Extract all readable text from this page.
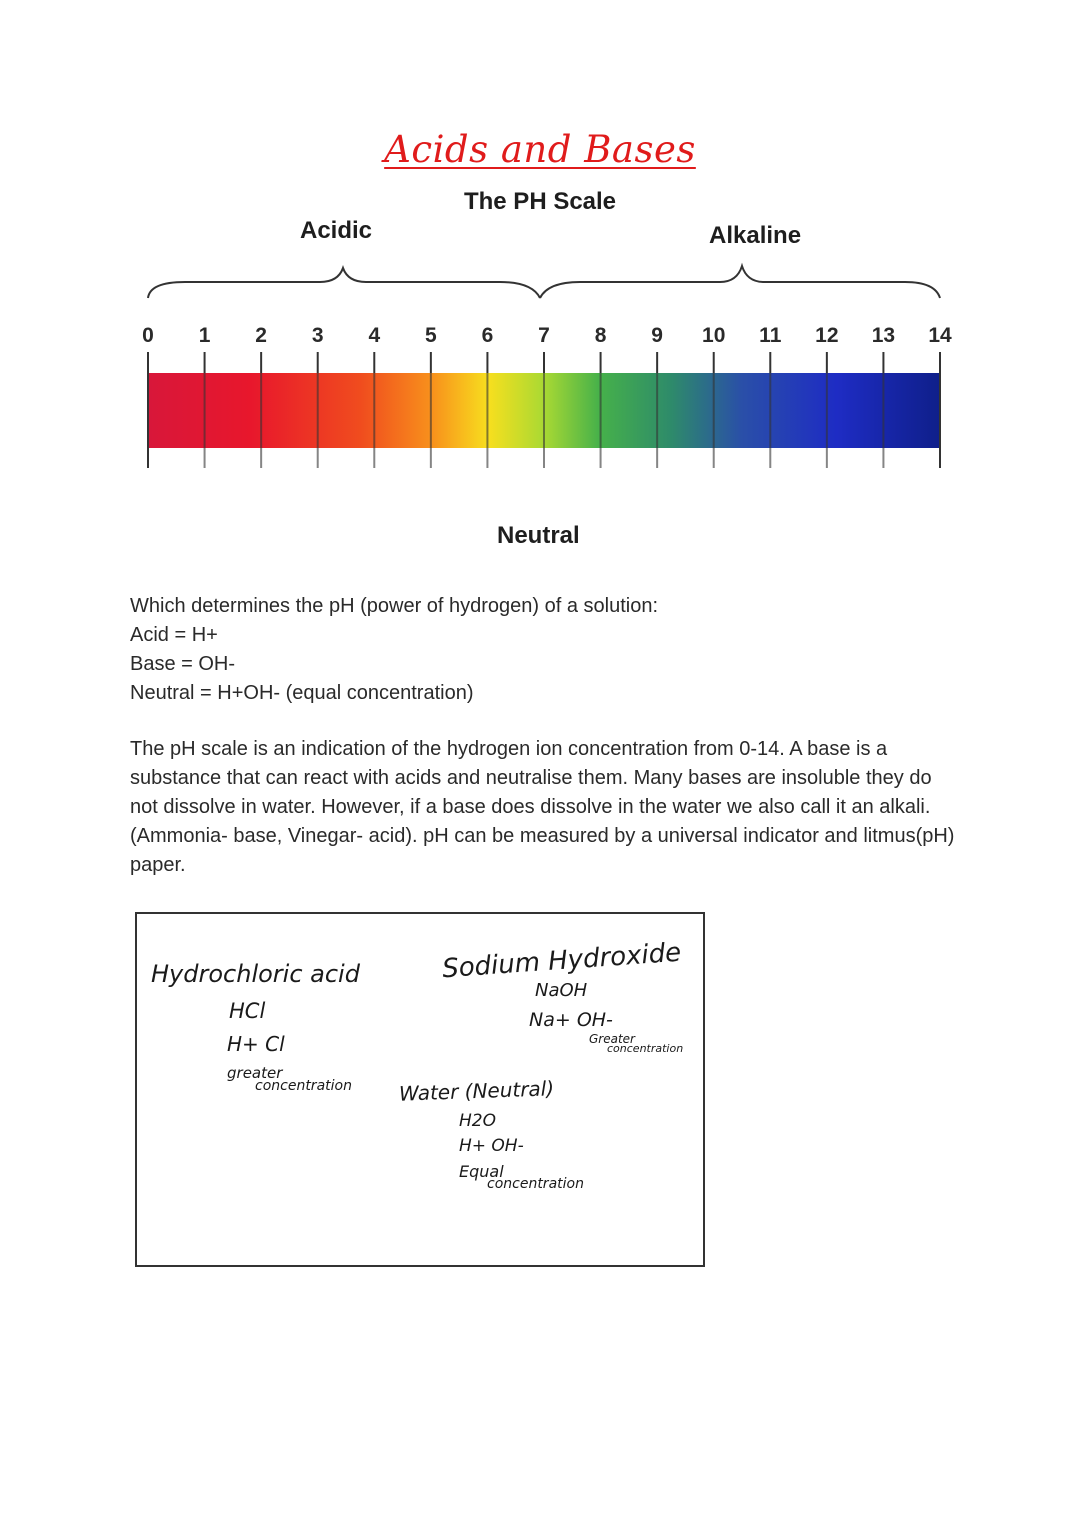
Acids and Bases
The PH Scale
Acidic	Alkaline
0 1 2 3 4 5 6 7 8 9 10 11 12 13 14
Neutral
Which determines the pH (power of hydrogen) of a solution:
Acid = H+
Base = OH-
Neutral = H+OH- (equal concentration)
The pH scale is an indication of the hydrogen ion concentration from 0-14. A base is a substance that can react with acids and neutralise them. Many bases are insoluble they do not dissolve in water. However, if a base does dissolve in the water we also call it an alkali. (Ammonia- base, Vinegar- acid). pH can be measured by a universal indicator and litmus(pH) paper.
Hydrochloric acid
HCl
H+ Cl
greater
concentration
Sodium Hydroxide
NaOH
Na+ OH-
Greater
concentration
Water (Neutral)
H2O
H+ OH-
Equal
concentration
